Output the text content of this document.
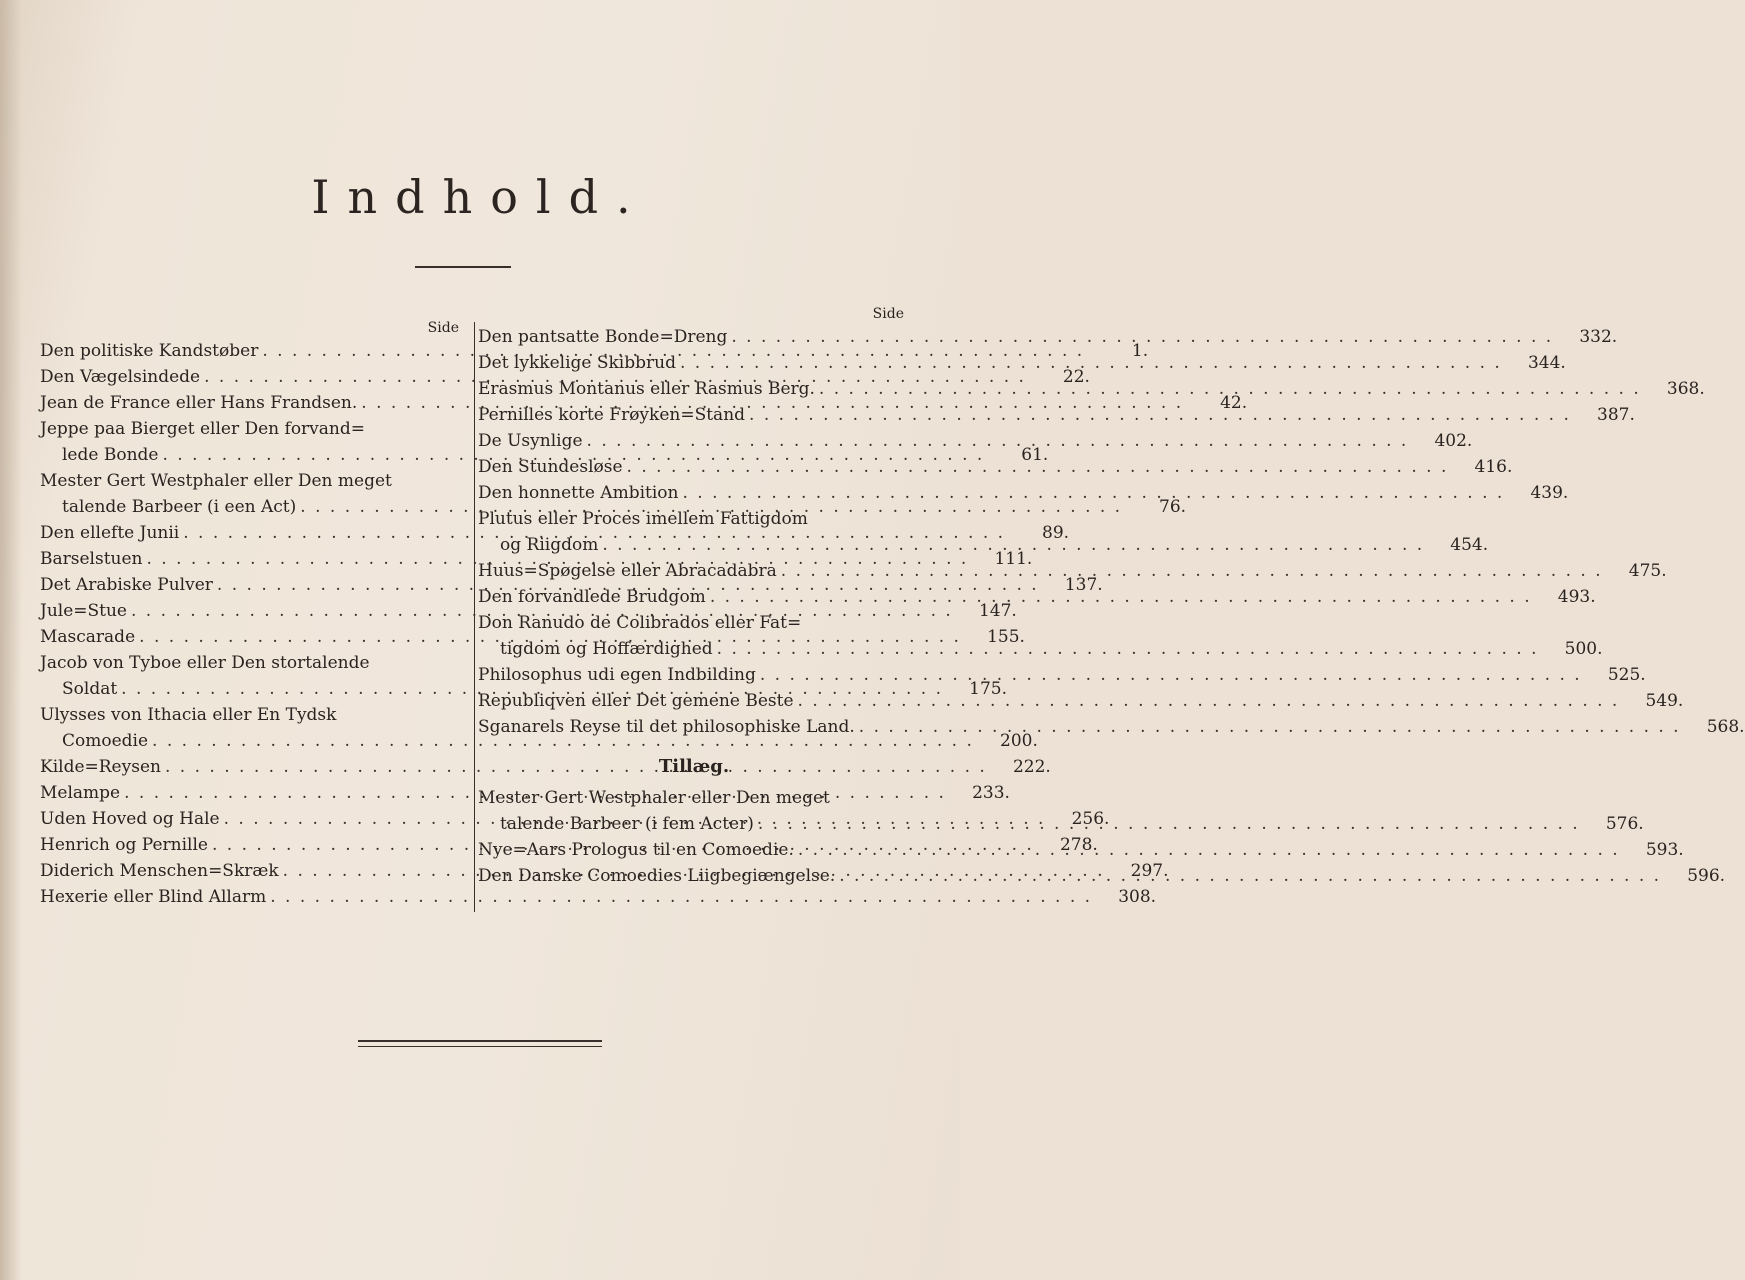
Indhold.
Side
Den politiske Kandstøber . . .	1.
Den Vægelsindede . . .	22.
Jean de France eller Hans Frandsen. . . .	42.
Jeppe paa Bierget eller Den forvand=
lede Bonde . . .	61.
Mester Gert Westphaler eller Den meget
talende Barbeer (i een Act) . . .	76.
Den ellefte Junii . . .	89.
Barselstuen . . .	111.
Det Arabiske Pulver . . .	137.
Jule=Stue . . .	147.
Mascarade . . .	155.
Jacob von Tyboe eller Den stortalende
Soldat . . .	175.
Ulysses von Ithacia eller En Tydsk
Comoedie . . .	200.
Kilde=Reysen . . .	222.
Melampe . . .	233.
Uden Hoved og Hale . . .	256.
Henrich og Pernille . . .	278.
Diderich Menschen=Skræk . . .	297.
Hexerie eller Blind Allarm . . .	308.
Side
Den pantsatte Bonde=Dreng . . .	332.
Det lykkelige Skibbrud . . .	344.
Erasmus Montanus eller Rasmus Berg. . . .	368.
Pernilles korte Frøyken=Stand . . .	387.
De Usynlige . . .	402.
Den Stundesløse . . .	416.
Den honnette Ambition . . .	439.
Plutus eller Proces imellem Fattigdom
og Riigdom . . .	454.
Huus=Spøgelse eller Abracadabra . . .	475.
Den forvandlede Brudgom . . .	493.
Don Ranudo de Colibrados eller Fat=
tigdom og Hoffærdighed . . .	500.
Philosophus udi egen Indbilding . . .	525.
Republiqven eller Det gemene Beste . . .	549.
Sganarels Reyse til det philosophiske Land. . . .	568.
Tillæg.
Mester Gert Westphaler eller Den meget
talende Barbeer (i fem Acter) . . .	576.
Nye=Aars Prologus til en Comoedie. . . .	593.
Den Danske Comoedies Liigbegiængelse. . . .	596.
